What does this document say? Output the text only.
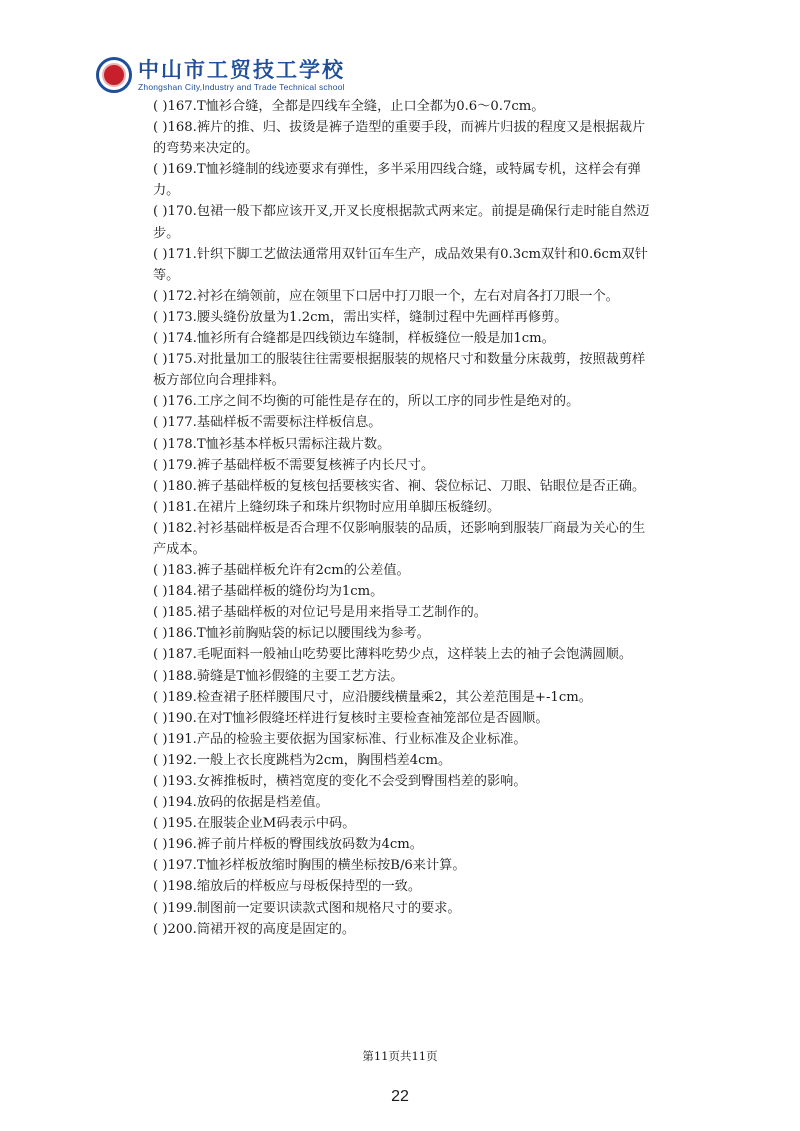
中山市工贸技工学校
Zhongshan City,Industry and Trade Technical school

( )167.T恤衫合缝，全都是四线车全缝，止口全都为0.6～0.7cm。

( )168.裤片的推、归、拔烫是裤子造型的重要手段，而裤片归拔的程度又是根据裁片的弯势来决定的。

( )169.T恤衫缝制的线迹要求有弹性，多半采用四线合缝，或特属专机，这样会有弹力。

( )170.包裙一般下都应该开叉,开叉长度根据款式两来定。前提是确保行走时能自然迈步。

( )171.针织下脚工艺做法通常用双针冚车生产，成品效果有0.3cm双针和0.6cm双针等。

( )172.衬衫在绱领前，应在领里下口居中打刀眼一个，左右对肩各打刀眼一个。

( )173.腰头缝份放量为1.2cm，需出实样，缝制过程中先画样再修剪。

( )174.恤衫所有合缝都是四线锁边车缝制，样板缝位一般是加1cm。

( )175.对批量加工的服装往往需要根据服装的规格尺寸和数量分床裁剪，按照裁剪样板方部位向合理排料。

( )176.工序之间不均衡的可能性是存在的，所以工序的同步性是绝对的。

( )177.基础样板不需要标注样板信息。

( )178.T恤衫基本样板只需标注裁片数。

( )179.裤子基础样板不需要复核裤子内长尺寸。

( )180.裤子基础样板的复核包括要核实省、裥、袋位标记、刀眼、钻眼位是否正确。

( )181.在裙片上缝纫珠子和珠片织物时应用单脚压板缝纫。

( )182.衬衫基础样板是否合理不仅影响服装的品质，还影响到服装厂商最为关心的生产成本。

( )183.裤子基础样板允许有2cm的公差值。

( )184.裙子基础样板的缝份均为1cm。

( )185.裙子基础样板的对位记号是用来指导工艺制作的。

( )186.T恤衫前胸贴袋的标记以腰围线为参考。

( )187.毛呢面料一般袖山吃势要比薄料吃势少点，这样装上去的袖子会饱满圆顺。

( )188.骑缝是T恤衫假缝的主要工艺方法。

( )189.检查裙子胚样腰围尺寸，应沿腰线横量乘2，其公差范围是+-1cm。

( )190.在对T恤衫假缝坯样进行复核时主要检查袖笼部位是否圆顺。

( )191.产品的检验主要依据为国家标准、行业标准及企业标准。

( )192.一般上衣长度跳档为2cm，胸围档差4cm。

( )193.女裤推板时，横裆宽度的变化不会受到臀围档差的影响。

( )194.放码的依据是档差值。

( )195.在服装企业M码表示中码。

( )196.裤子前片样板的臀围线放码数为4cm。

( )197.T恤衫样板放缩时胸围的横坐标按B/6来计算。

( )198.缩放后的样板应与母板保持型的一致。

( )199.制图前一定要识读款式图和规格尺寸的要求。

( )200.筒裙开衩的高度是固定的。

第11页共11页
22
